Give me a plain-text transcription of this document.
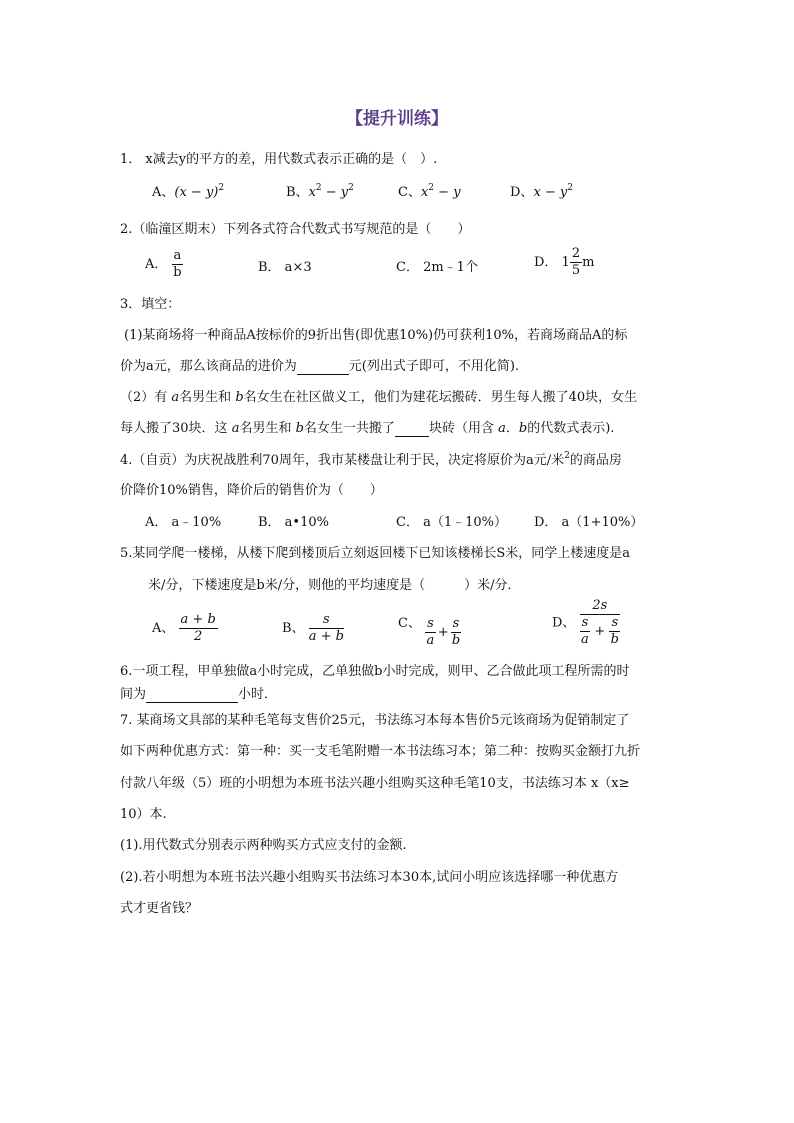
【提升训练】
1． x减去y的平方的差，用代数式表示正确的是（　）.
A、$(x - y)^2$	B、$x^2 - y^2$	C、$x^2 - y$	D、$x - y^2$
2.（临潼区期末）下列各式符合代数式书写规范的是（　　）
A． $\frac{a}{b}$	B． a×3	C． 2m﹣1个	D． $1 \frac{2}{5}$ m
3．填空：
(1)某商场将一种商品A按标价的9折出售(即优惠10%)仍可获利10%，若商场商品A的标
价为a元，那么该商品的进价为	元(列出式子即可，不用化简).
（2）有 a名男生和 b名女生在社区做义工，他们为建花坛搬砖．男生每人搬了40块，女生
每人搬了30块．这 a名男生和 b名女生一共搬了	块砖（用含 a．b的代数式表示).
4.（自贡）为庆祝战胜利70周年，我市某楼盘让利于民，决定将原价为a元/米$^2$的商品房
价降价10%销售，降价后的销售价为（　　）
A． a﹣10%	B． a•10%	C． a（1﹣10%） D． a（1+10%）
5.某同学爬一楼梯，从楼下爬到楼顶后立刻返回楼下已知该楼梯长S米，同学上楼速度是a
米/分，下楼速度是b米/分，则他的平均速度是（　　　）米/分．
A、 $\frac{a + b}{2}$	B、 $\frac{s}{a + b}$	C、 $\frac{s}{a} + \frac{s}{b}$	D、 $\frac{2s}{\frac{s}{a} + \frac{s}{b}}$
6.一项工程，甲单独做a小时完成，乙单独做b小时完成，则甲、乙合做此项工程所需的时
间为	小时．
7. 某商场文具部的某种毛笔每支售价25元，书法练习本每本售价5元该商场为促销制定了
如下两种优惠方式：第一种：买一支毛笔附赠一本书法练习本；第二种：按购买金额打九折
付款八年级（5）班的小明想为本班书法兴趣小组购买这种毛笔10支，书法练习本 x（x≥
10）本.
(1).用代数式分别表示两种购买方式应支付的金额.
(2).若小明想为本班书法兴趣小组购买书法练习本30本,试问小明应该选择哪一种优惠方
式才更省钱？
